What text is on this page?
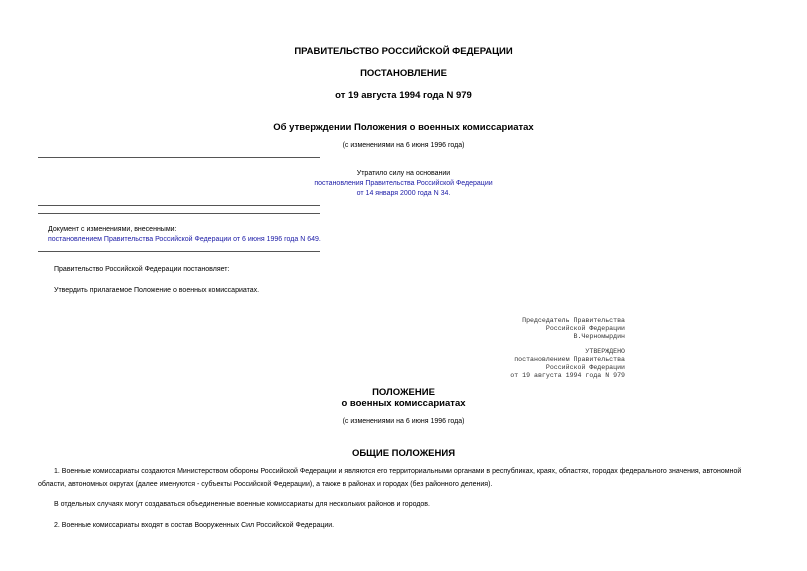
ПРАВИТЕЛЬСТВО РОССИЙСКОЙ ФЕДЕРАЦИИ
ПОСТАНОВЛЕНИЕ
от 19 августа 1994 года N 979
Об утверждении Положения о военных комиссариатах
(с изменениями на 6 июня 1996 года)
Утратило силу на основании
постановления Правительства Российской Федерации
от 14 января 2000 года N 34.
Документ с изменениями, внесенными:
постановлением Правительства Российской Федерации от 6 июня 1996 года N 649.
Правительство Российской Федерации постановляет:
Утвердить прилагаемое Положение о военных комиссариатах.
Председатель Правительства
Российской Федерации
В.Черномырдин
УТВЕРЖДЕНО
постановлением Правительства
Российской Федерации
от 19 августа 1994 года N 979
ПОЛОЖЕНИЕ
о военных комиссариатах
(с изменениями на 6 июня 1996 года)
ОБЩИЕ ПОЛОЖЕНИЯ
1. Военные комиссариаты создаются Министерством обороны Российской Федерации и являются его территориальными органами в республиках, краях, областях, городах федерального значения, автономной
области, автономных округах (далее именуются - субъекты Российской Федерации), а также в районах и городах (без районного деления).
В отдельных случаях могут создаваться объединенные военные комиссариаты для нескольких районов и городов.
2. Военные комиссариаты входят в состав Вооруженных Сил Российской Федерации.
